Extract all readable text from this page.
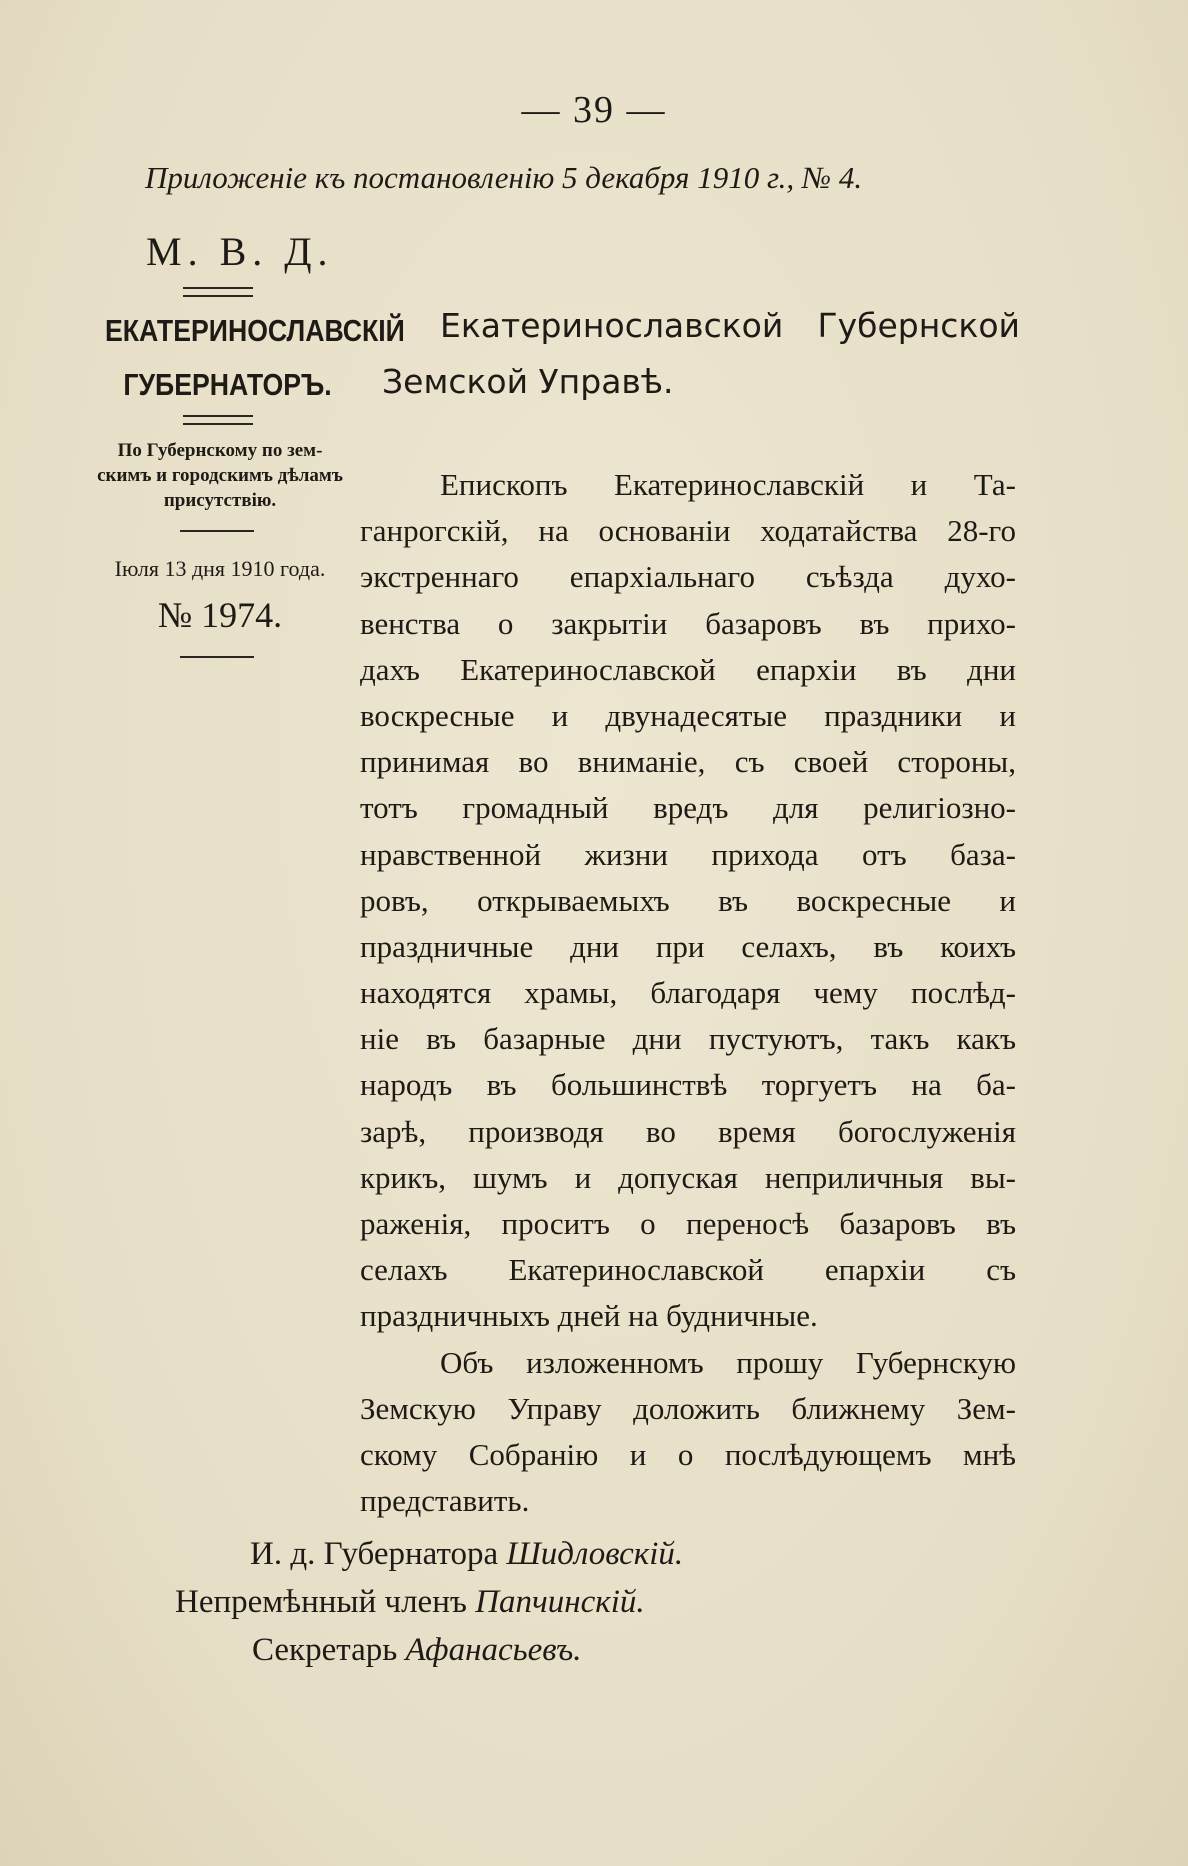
— 39 —
Приложеніе къ постановленію 5 декабря 1910 г., № 4.
М. В. Д.
ЕКАТЕРИНОСЛАВСКІЙ
ГУБЕРНАТОРЪ.
Екатеринославской Губернской
Земской Управѣ.
По Губернскому по зем-
скимъ и городскимъ дѣламъ
присутствію.
Іюля 13 дня 1910 года.
№ 1974.
Епископъ Екатеринославскій и Та-
ганрогскій, на основаніи ходатайства 28-го
экстреннаго епархіальнаго съѣзда духо-
венства о закрытіи базаровъ въ прихо-
дахъ Екатеринославской епархіи въ дни
воскресные и двунадесятые праздники и
принимая во вниманіе, съ своей стороны,
тотъ громадный вредъ для религіозно-
нравственной жизни прихода отъ база-
ровъ, открываемыхъ въ воскресные и
праздничные дни при селахъ, въ коихъ
находятся храмы, благодаря чему послѣд-
ніе въ базарные дни пустуютъ, такъ какъ
народъ въ большинствѣ торгуетъ на ба-
зарѣ, производя во время богослуженія
крикъ, шумъ и допуская неприличныя вы-
раженія, проситъ о переносѣ базаровъ въ
селахъ Екатеринославской епархіи съ
праздничныхъ дней на будничные.
Объ изложенномъ прошу Губернскую
Земскую Управу доложить ближнему Зем-
скому Собранію и о послѣдующемъ мнѣ
представить.
И. д. Губернатора Шидловскій.
Непремѣнный членъ Папчинскій.
Секретарь Афанасьевъ.
